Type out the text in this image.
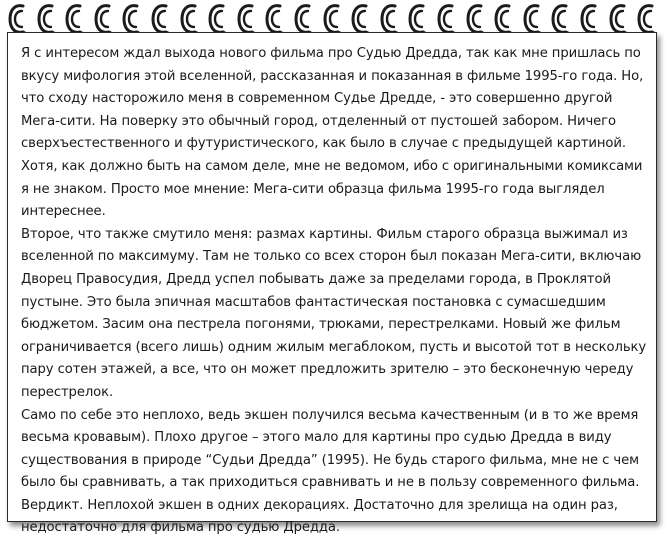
Я с интересом ждал выхода нового фильма про Судью Дредда, так как мне пришлась по вкусу мифология этой вселенной, рассказанная и показанная в фильме 1995-го года. Но, что сходу насторожило меня в современном Судье Дредде, - это совершенно другой Мега-сити. На поверку это обычный город, отделенный от пустошей забором. Ничего сверхъестественного и футуристического, как было в случае с предыдущей картиной. Хотя, как должно быть на самом деле, мне не ведомом, ибо с оригинальными комиксами я не знаком. Просто мое мнение: Мега-сити образца фильма 1995-го года выглядел интереснее.

Второе, что также смутило меня: размах картины. Фильм старого образца выжимал из вселенной по максимуму. Там не только со всех сторон был показан Мега-сити, включаю Дворец Правосудия, Дредд успел побывать даже за пределами города, в Проклятой пустыне. Это была эпичная масштабов фантастическая постановка с сумасшедшим бюджетом. Засим она пестрела погонями, трюками, перестрелками. Новый же фильм ограничивается (всего лишь) одним жилым мегаблоком, пусть и высотой тот в нескольку пару сотен этажей, а все, что он может предложить зрителю – это бесконечную череду перестрелок.

Само по себе это неплохо, ведь экшен получился весьма качественным (и в то же время весьма кровавым). Плохо другое – этого мало для картины про судью Дредда в виду существования в природе “Судьи Дредда” (1995). Не будь старого фильма, мне не с чем было бы сравнивать, а так приходиться сравнивать и не в пользу современного фильма. Вердикт. Неплохой экшен в одних декорациях. Достаточно для зрелища на один раз, недостаточно для фильма про судью Дредда.
